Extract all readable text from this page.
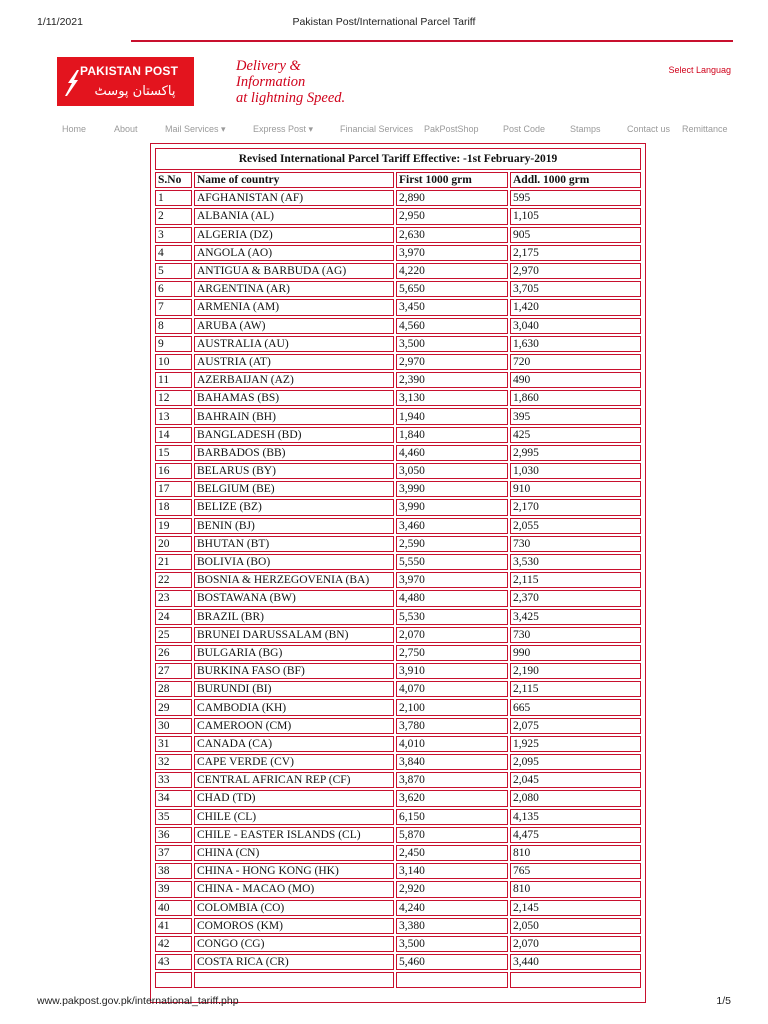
1/11/2021	Pakistan Post/International Parcel Tariff
PAKISTAN POST
پاکستان پوسٹ
Delivery &
Information
at lightning Speed.
Select Languag
Home	About	Mail Services ▾	Express Post ▾	Financial Services PakPostShop	Post Code	Stamps	Contact us Remittance
Revised International Parcel Tariff Effective: -1st February-2019			
S.No	Name of country	First 1000 grm	Addl. 1000 grm
1	AFGHANISTAN (AF)	2,890	595
2	ALBANIA (AL)	2,950	1,105
3	ALGERIA (DZ)	2,630	905
4	ANGOLA (AO)	3,970	2,175
5	ANTIGUA & BARBUDA (AG)	4,220	2,970
6	ARGENTINA (AR)	5,650	3,705
7	ARMENIA (AM)	3,450	1,420
8	ARUBA (AW)	4,560	3,040
9	AUSTRALIA (AU)	3,500	1,630
10	AUSTRIA (AT)	2,970	720
11	AZERBAIJAN (AZ)	2,390	490
12	BAHAMAS (BS)	3,130	1,860
13	BAHRAIN (BH)	1,940	395
14	BANGLADESH (BD)	1,840	425
15	BARBADOS (BB)	4,460	2,995
16	BELARUS (BY)	3,050	1,030
17	BELGIUM (BE)	3,990	910
18	BELIZE (BZ)	3,990	2,170
19	BENIN (BJ)	3,460	2,055
20	BHUTAN (BT)	2,590	730
21	BOLIVIA (BO)	5,550	3,530
22	BOSNIA & HERZEGOVENIA (BA)	3,970	2,115
23	BOSTAWANA (BW)	4,480	2,370
24	BRAZIL (BR)	5,530	3,425
25	BRUNEI DARUSSALAM (BN)	2,070	730
26	BULGARIA (BG)	2,750	990
27	BURKINA FASO (BF)	3,910	2,190
28	BURUNDI (BI)	4,070	2,115
29	CAMBODIA (KH)	2,100	665
30	CAMEROON (CM)	3,780	2,075
31	CANADA (CA)	4,010	1,925
32	CAPE VERDE (CV)	3,840	2,095
33	CENTRAL AFRICAN REP (CF)	3,870	2,045
34	CHAD (TD)	3,620	2,080
35	CHILE (CL)	6,150	4,135
36	CHILE - EASTER ISLANDS (CL)	5,870	4,475
37	CHINA (CN)	2,450	810
38	CHINA - HONG KONG (HK)	3,140	765
39	CHINA - MACAO (MO)	2,920	810
40	COLOMBIA (CO)	4,240	2,145
41	COMOROS (KM)	3,380	2,050
42	CONGO (CG)	3,500	2,070
43	COSTA RICA (CR)	5,460	3,440

www.pakpost.gov.pk/international_tariff.php	1/5
